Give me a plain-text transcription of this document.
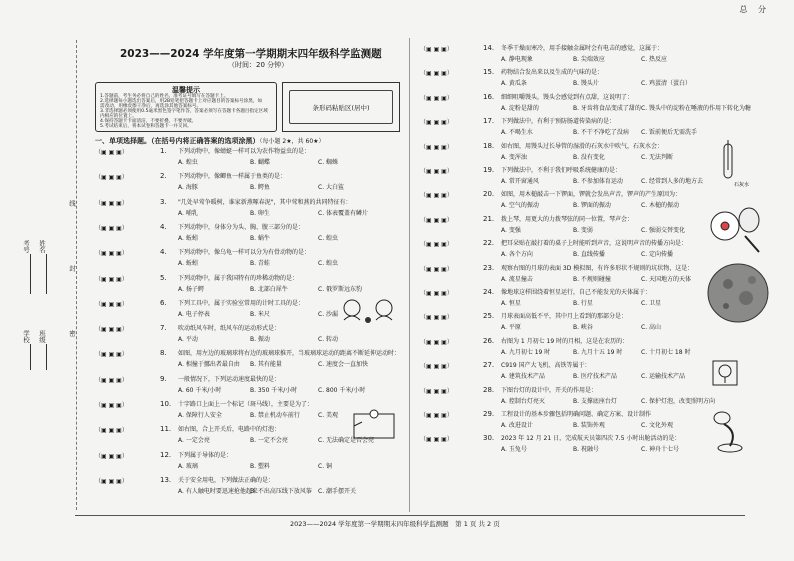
总 分
学校 班级
考号 姓名
密
封
线
2023——2024 学年度第一学期期末四年级科学监测题
（时间：20 分钟）
温馨提示
1.答题前，考生务必将自己的姓名、准考证号填写在答题卡上。
2.选择题每小题选出答案后，用2B铅笔把答题卡上对应题目的答案标号涂黑，如
需改动，用橡皮擦干净后，再选涂其他答案标号。
3.非选择题必须使用0.5毫米黑色签字笔作答，答案必须写在答题卡各题目指定区域
内相应的位置上。
4.保持答题卡卡面清洁，不要折叠、不要弄破。
5.考试结束后，将本试卷和答题卡一并交回。
条形码粘贴区(居中)
一、单项选择题。（在括号内将正确答案的选项涂黑）（每小题 2★，共 60★）
（▣ ▣ ▣）	1. 下列动物中，像蜻蜓一样可以为农作物益虫的是：
A. 蝗虫	B. 蝴蝶	C. 蜘蛛
（▣ ▣ ▣）	2. 下列动物中，像鲫鱼一样属于鱼类的是：
A. 海豚	B. 鳄鱼	C. 大白鲨
（▣ ▣ ▣）	3. "几处早莺争暖树，谁家新燕啄春泥"，其中莺和燕的共同特征有：
A. 哺乳	B. 卵生	C. 体表覆盖有鳞片
（▣ ▣ ▣）	4. 下列动物中，身体分为头、胸、腹三部分的是：
A. 蚯蚓	B. 蜗牛	C. 蝗虫
（▣ ▣ ▣）	4. 下列动物中，像乌龟一样可以分为有骨动物的是：
A. 蚯蚓	B. 青蛙	C. 蝗虫
（▣ ▣ ▣）	5. 下列动物中，属于我国特有的珍稀动物的是：
A. 扬子鳄	B. 北部白犀牛	C. 俄罗斯远东豹
（▣ ▣ ▣）	6. 下列工具中，属于实验室常用的计时工具的是：
A. 电子停表	B. 米尺	C. 沙漏
（▣ ▣ ▣）	7. 吹动纸风车时，纸风车的运动形式是：
A. 平动	B. 振动	C. 转动
（▣ ▣ ▣）	8. 如图，用左边的玻璃球将右边的玻璃球推开，当玻璃球运动的距离不断延伸运动时：
A. 相撞于挪出者最自由 B. 其有能量	C. 速度会一直加快
（▣ ▣ ▣）	9. 一般情况下，下列运动速度最快的是：
A. 60 千米/小时	B. 350 千米/小时	C. 800 千米/小时
（▣ ▣ ▣）	10. 十字路口上面上一个标记（斑马线），主要是为了：
A. 保障行人安全	B. 禁止机动车前行	C. 美观
（▣ ▣ ▣）	11. 如右图，合上开关后，电路中的灯泡：
A. 一定会亮	B. 一定不会亮	C. 无法确定是否会亮
（▣ ▣ ▣）	12. 下列属于导体的是：
A. 玻璃	B. 塑料	C. 铜
（▣ ▣ ▣）	13. 关于安全用电，下列做法正确的是：
A. 有人触电时要迅速抢他起来
B. 不出高压线下放风筝 C. 潮手摆开关
（▣ ▣ ▣）	14. 冬季干燥而寒冷，用手接触金属时会有电击的感觉，这属于：
A. 静电现象	B. 尖端效应	C. 热反应
（▣ ▣ ▣）	15. 药物结合发出来以及生成的气味的是：
A. 黄瓜条	B. 馒头片	C. 鸡蛋清（蛋白）
（▣ ▣ ▣）	16. 细细咀嚼馒头，馒头会感觉到有点甜，这说明了：
A. 淀粉是甜的	B. 牙齿将食品变成了甜的 C. 馒头中的淀粉在唾液的作用下转化为糖
（▣ ▣ ▣）	17. 下列做法中，有利于预防肠道传染病的是：
A. 不喝生水	B. 不干不净吃了没病 C. 饭前便后无需洗手
（▣ ▣ ▣）	18. 如右图，用馒头过长导管的湿滑的石灰水中吹气，石灰水会：
A. 变浑浊	B. 没有变化	C. 无法判断
（▣ ▣ ▣）	19. 下列做法中，不利于我们呼吸系统健康的是：
A. 常开窗通风	B. 不参加体育运动	C. 经常到人多的地方去
（▣ ▣ ▣）	20. 如图，用木槌敲击一下锣面，锣就会发出声音，锣声的产生原因为：
A. 空气的振动	B. 锣面的振动	C. 木槌的振动
（▣ ▣ ▣）	21. 拨上琴，用更大的力拨琴弦的同一位置，琴声会：
A. 变强	B. 变弱	C. 强弱交替变化
（▣ ▣ ▣）	22. 把耳朵贴在敲打着的桌子上时能听到声音，这说明声音的传播方向是：
A. 各个方向	B. 直线传播	C. 定向传播
（▣ ▣ ▣）	23. 观察右图的月球的表面 3D 模拟图，有许多形状不规则的坑状物，这是：
A. 流星撞击	B. 不规则碰撞	C. 天国地方的天体
（▣ ▣ ▣）	24. 像地球这样围绕着恒星运行，自己不能发光的天体属于：
A. 恒星	B. 行星	C. 卫星
（▣ ▣ ▣）	25. 月球表面高低不平，其中月上看到的那部分是：
A. 平原	B. 峡谷	C. 高山
（▣ ▣ ▣）	26. 右图为 1 月初七 19 时的月相，这是在农历的：
A. 九月初七 19 时	B. 九月十五 19 时	C. 十月初七 18 时
（▣ ▣ ▣）	27. C919 国产大飞机、高铁等属于：
A. 建筑技术产品	B. 医疗技术产品	C. 运输技术产品
（▣ ▣ ▣）	28. 下图台灯的设计中，开关的作用是：
A. 控制台灯亮灭	B. 支撑底座台灯	C. 保护灯泡，改变照明方向
（▣ ▣ ▣）	29. 工程设计的基本步骤包括明确问题、确定方案、设计制作
A. 改进设计	B. 装饰外观	C. 文化外观
（▣ ▣ ▣）	30. 2023 年 12 月 21 日，完成航天员第四次 7.5 小时出舱活动的是：
A. 玉兔号	B. 祝融号	C. 神舟十七号
石灰水
2023——2024 学年度第一学期期末四年级科学监测题　第 1 页 共 2 页
